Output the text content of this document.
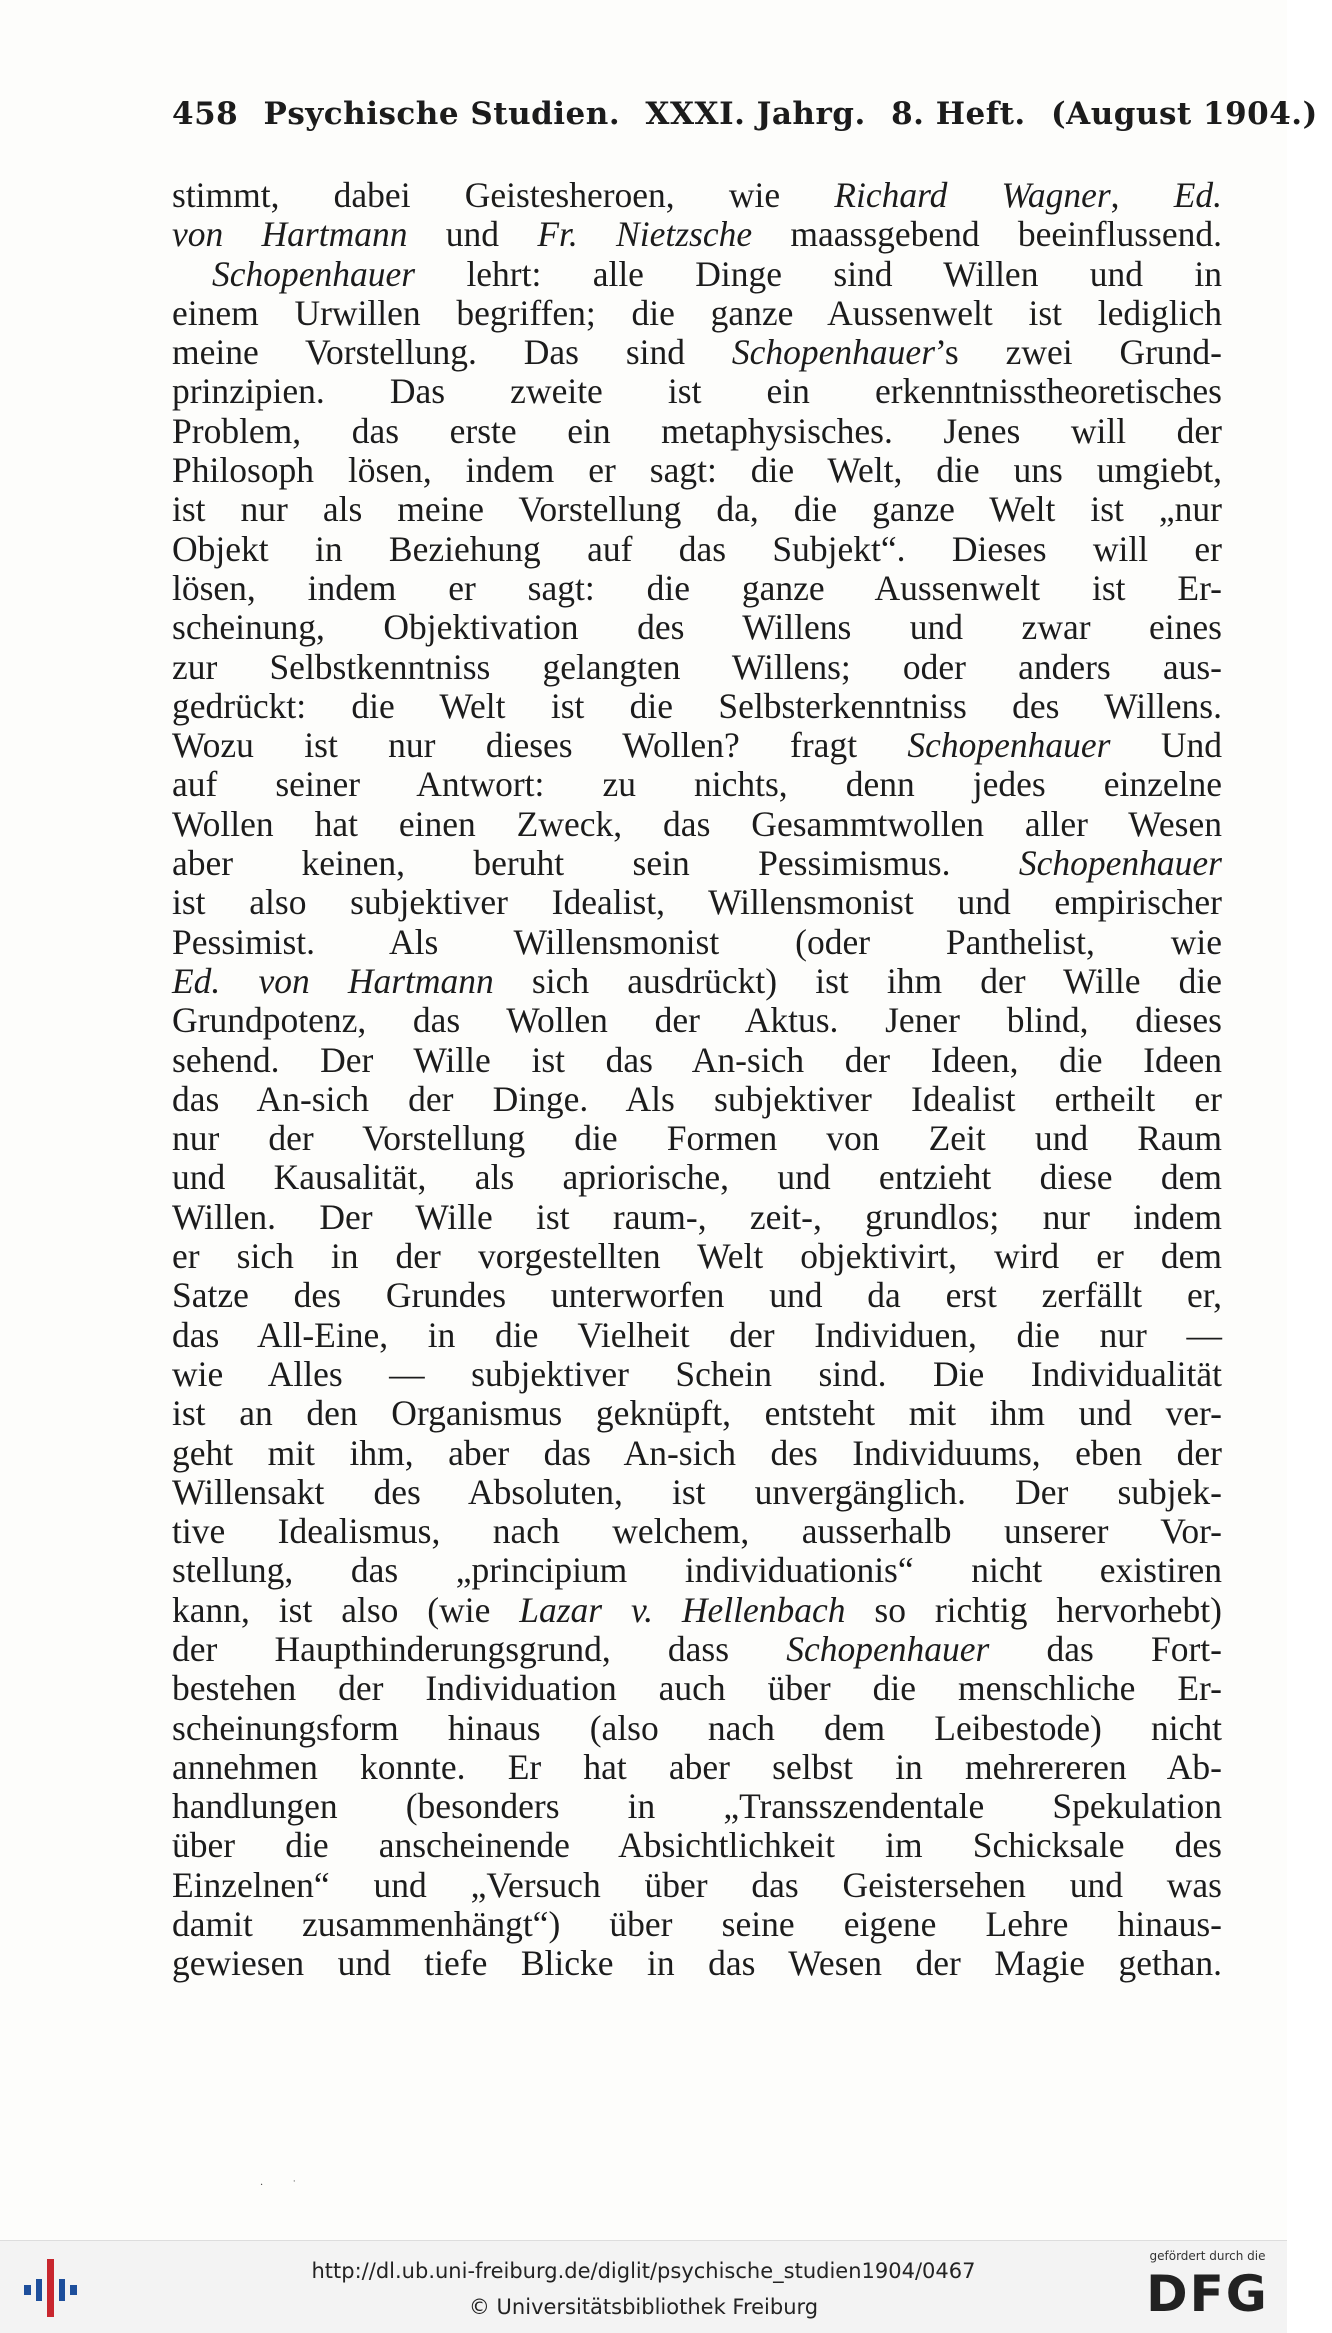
458 Psychische Studien. XXXI. Jahrg. 8. Heft. (August 1904.)
stimmt, dabei Geistesheroen, wie Richard Wagner, Ed.
von Hartmann und Fr. Nietzsche maassgebend beeinflussend.
Schopenhauer lehrt: alle Dinge sind Willen und in
einem Urwillen begriffen; die ganze Aussenwelt ist lediglich
meine Vorstellung. Das sind Schopenhauer’s zwei Grund-
prinzipien. Das zweite ist ein erkenntnisstheoretisches
Problem, das erste ein metaphysisches. Jenes will der
Philosoph lösen, indem er sagt: die Welt, die uns umgiebt,
ist nur als meine Vorstellung da, die ganze Welt ist „nur
Objekt in Beziehung auf das Subjekt“. Dieses will er
lösen, indem er sagt: die ganze Aussenwelt ist Er-
scheinung, Objektivation des Willens und zwar eines
zur Selbstkenntniss gelangten Willens; oder anders aus-
gedrückt: die Welt ist die Selbsterkenntniss des Willens.
Wozu ist nur dieses Wollen? fragt Schopenhauer Und
auf seiner Antwort: zu nichts, denn jedes einzelne
Wollen hat einen Zweck, das Gesammtwollen aller Wesen
aber keinen, beruht sein Pessimismus. Schopenhauer
ist also subjektiver Idealist, Willensmonist und empirischer
Pessimist. Als Willensmonist (oder Panthelist, wie
Ed. von Hartmann sich ausdrückt) ist ihm der Wille die
Grundpotenz, das Wollen der Aktus. Jener blind, dieses
sehend. Der Wille ist das An-sich der Ideen, die Ideen
das An-sich der Dinge. Als subjektiver Idealist ertheilt er
nur der Vorstellung die Formen von Zeit und Raum
und Kausalität, als apriorische, und entzieht diese dem
Willen. Der Wille ist raum-, zeit-, grundlos; nur indem
er sich in der vorgestellten Welt objektivirt, wird er dem
Satze des Grundes unterworfen und da erst zerfällt er,
das All-Eine, in die Vielheit der Individuen, die nur —
wie Alles — subjektiver Schein sind. Die Individualität
ist an den Organismus geknüpft, entsteht mit ihm und ver-
geht mit ihm, aber das An-sich des Individuums, eben der
Willensakt des Absoluten, ist unvergänglich. Der subjek-
tive Idealismus, nach welchem, ausserhalb unserer Vor-
stellung, das „principium individuationis“ nicht existiren
kann, ist also (wie Lazar v. Hellenbach so richtig hervorhebt)
der Haupthinderungsgrund, dass Schopenhauer das Fort-
bestehen der Individuation auch über die menschliche Er-
scheinungsform hinaus (also nach dem Leibestode) nicht
annehmen konnte. Er hat aber selbst in mehrereren Ab-
handlungen (besonders in „Transszendentale Spekulation
über die anscheinende Absichtlichkeit im Schicksale des
Einzelnen“ und „Versuch über das Geistersehen und was
damit zusammenhängt“) über seine eigene Lehre hinaus-
gewiesen und tiefe Blicke in das Wesen der Magie gethan.
·         ˙
http://dl.ub.uni-freiburg.de/diglit/psychische_studien1904/0467
© Universitätsbibliothek Freiburg
gefördert durch die
DFG
